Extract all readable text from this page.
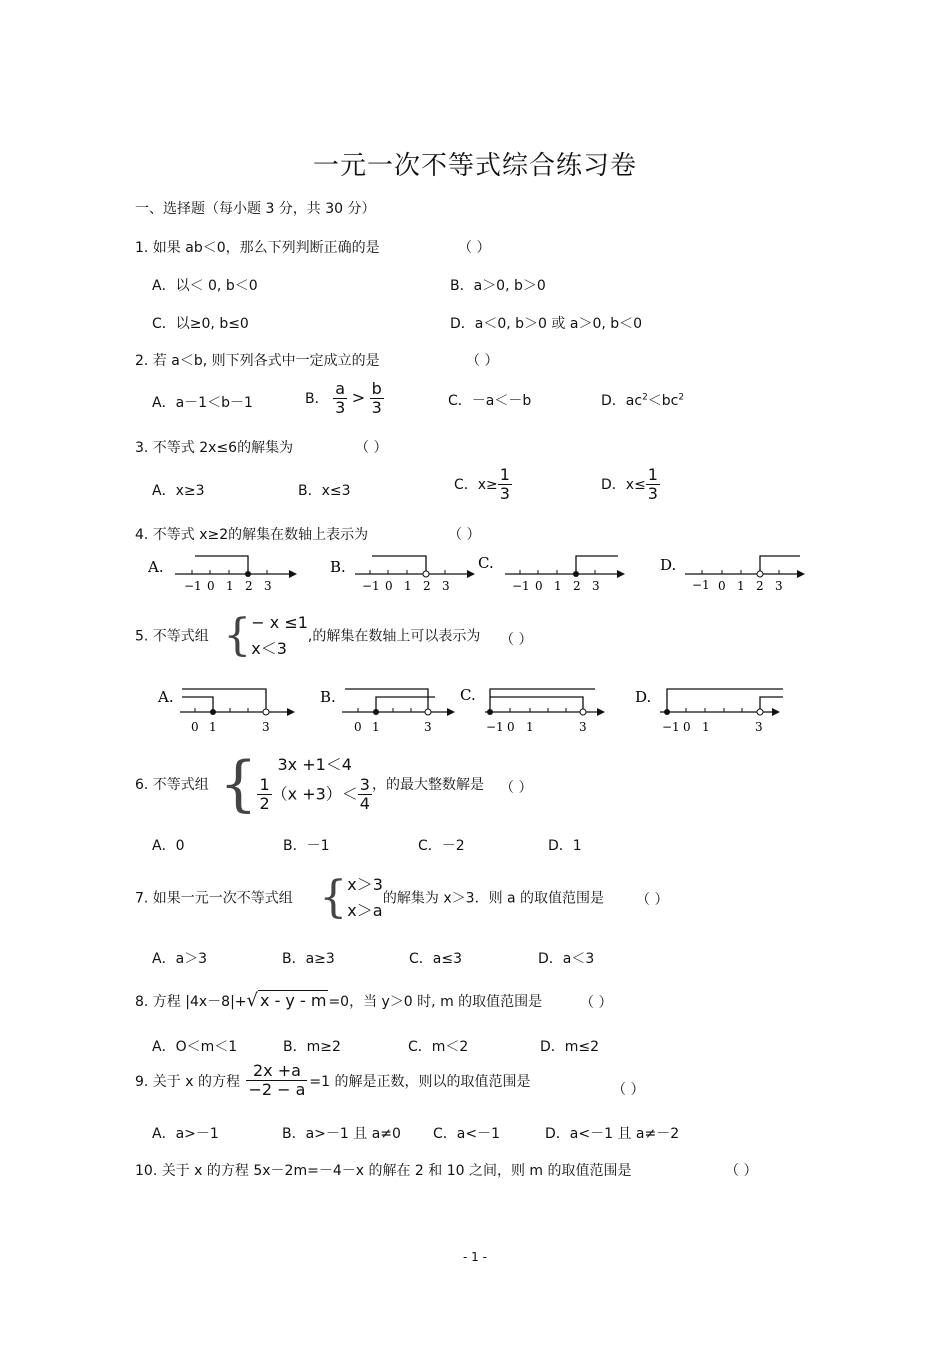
一元一次不等式综合练习卷
一、选择题（每小题 3 分，共 30 分）
1. 如果 ab＜0，那么下列判断正确的是	（ ）
A．以＜ 0, b＜0	B．a＞0, b＞0
C．以≥0, b≤0	D．a＜0, b＞0 或 a＞0, b＜0
2. 若 a＜b, 则下列各式中一定成立的是	（ ）
A．a－1＜b－1	B． $\frac{a}{3} > \frac{b}{3}$	C．－a＜－b	D．$ac^2<bc^2$
3. 不等式 2x≤6的解集为	（ ）
A．x≥3	B．x≤3	C．$x\ge \frac{1}{3}$	D．$x\le \frac{1}{3}$
4. 不等式 x≥2的解集在数轴上表示为	（ ）
A.
−1 0 1 2 3
B.
−1 0 1 2 3
C.
−1 0 1 2 3
D.
−1 0 1 2 3
5. 不等式组 { − x ≤1
x＜3
,的解集在数轴上可以表示为 （ ）
A.
0 1	3
B.
0 1	3
C.
−1 0 1	3
D.
−1 0 1	3
6. 不等式组 {	3x +1＜4
$\frac{1}{2} (x +3)< \frac{3}{4}$ ，的最大整数解是 （ ）
A．0	B．－1	C．－2	D．1
7. 如果一元一次不等式组 { x＞3
x＞a
的解集为 x＞3．则 a 的取值范围是 （ ）
A．a＞3	B．a≥3	C．a≤3	D．a＜3
8. 方程 |4x－8|+√ x - y - m =0，当 y＞0 时, m 的取值范围是	（ ）
A．O＜m＜1	B．m≥2	C．m＜2	D．m≤2
9. 关于 x 的方程 $\frac{2x +a}{-2 - a} =1$ 的解是正数，则以的取值范围是
（ ）
A．a>－1	B．a>－1 且 a≠0 C．a<－1	D．a<－1 且 a≠－2
10. 关于 x 的方程 5x－2m=－4－x 的解在 2 和 10 之间，则 m 的取值范围是	（ ）
- 1 -
